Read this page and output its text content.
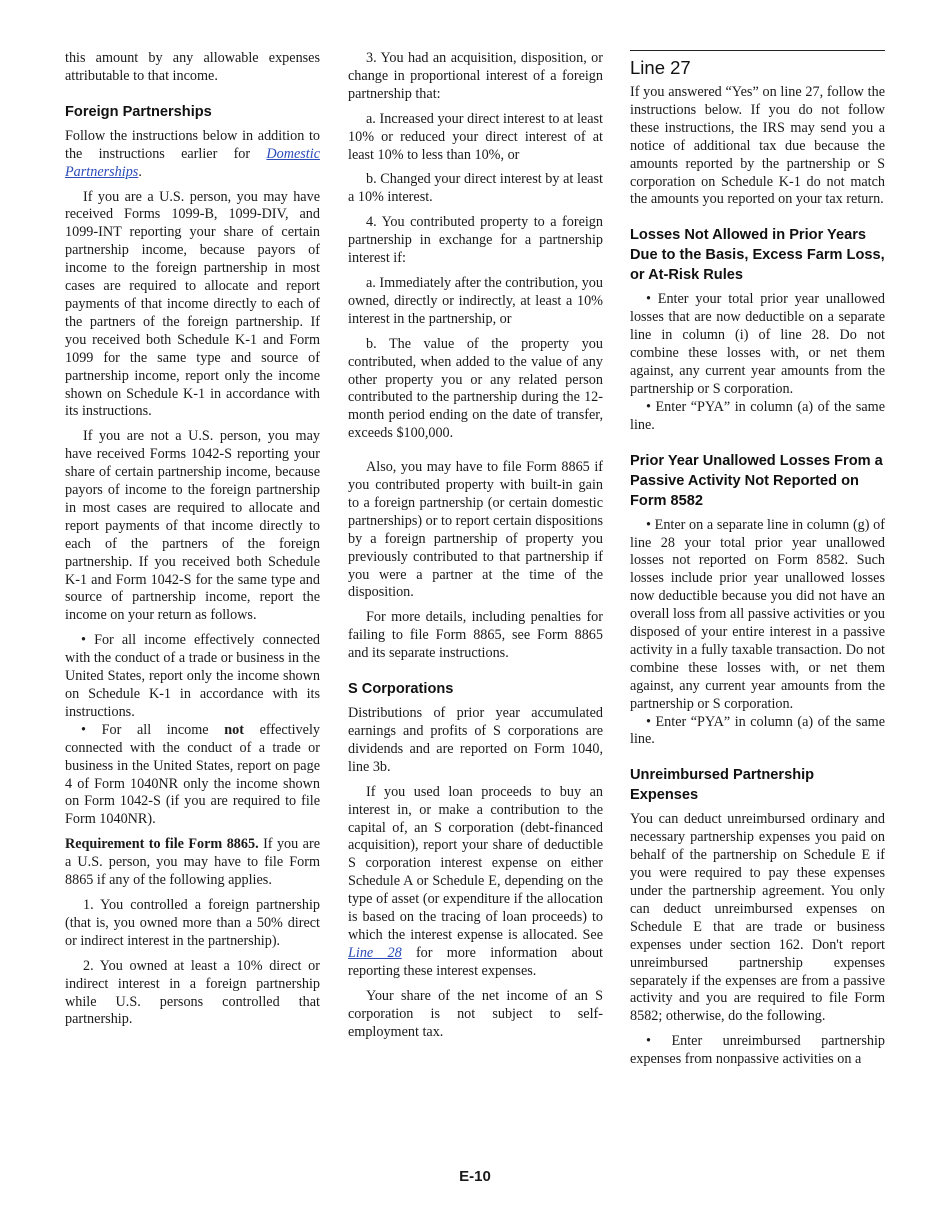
this amount by any allowable expenses attributable to that income.

Foreign Partnerships

Follow the instructions below in addition to the instructions earlier for Domestic Partnerships.

If you are a U.S. person, you may have received Forms 1099-B, 1099-DIV, and 1099-INT reporting your share of certain partnership income, because payors of income to the foreign partnership in most cases are required to allocate and report payments of that income directly to each of the partners of the foreign partnership. If you received both Schedule K-1 and Form 1099 for the same type and source of partnership income, report only the income shown on Schedule K-1 in accordance with its instructions.

If you are not a U.S. person, you may have received Forms 1042-S reporting your share of certain partnership income, because payors of income to the foreign partnership in most cases are required to allocate and report payments of that income directly to each of the partners of the foreign partnership. If you received both Schedule K-1 and Form 1042-S for the same type and source of partnership income, report the income on your return as follows.

• For all income effectively connected with the conduct of a trade or business in the United States, report only the income shown on Schedule K-1 in accordance with its instructions.

• For all income not effectively connected with the conduct of a trade or business in the United States, report on page 4 of Form 1040NR only the income shown on Form 1042-S (if you are required to file Form 1040NR).

Requirement to file Form 8865. If you are a U.S. person, you may have to file Form 8865 if any of the following applies.

1. You controlled a foreign partnership (that is, you owned more than a 50% direct or indirect interest in the partnership).

2. You owned at least a 10% direct or indirect interest in a foreign partnership while U.S. persons controlled that partnership.

3. You had an acquisition, disposition, or change in proportional interest of a foreign partnership that:

a. Increased your direct interest to at least 10% or reduced your direct interest of at least 10% to less than 10%, or

b. Changed your direct interest by at least a 10% interest.

4. You contributed property to a foreign partnership in exchange for a partnership interest if:

a. Immediately after the contribution, you owned, directly or indirectly, at least a 10% interest in the partnership, or

b. The value of the property you contributed, when added to the value of any other property you or any related person contributed to the partnership during the 12-month period ending on the date of transfer, exceeds $100,000.

Also, you may have to file Form 8865 if you contributed property with built-in gain to a foreign partnership (or certain domestic partnerships) or to report certain dispositions by a foreign partnership of property you previously contributed to that partnership if you were a partner at the time of the disposition.

For more details, including penalties for failing to file Form 8865, see Form 8865 and its separate instructions.

S Corporations

Distributions of prior year accumulated earnings and profits of S corporations are dividends and are reported on Form 1040, line 3b.

If you used loan proceeds to buy an interest in, or make a contribution to the capital of, an S corporation (debt-financed acquisition), report your share of deductible S corporation interest expense on either Schedule A or Schedule E, depending on the type of asset (or expenditure if the allocation is based on the tracing of loan proceeds) to which the interest expense is allocated. See Line 28 for more information about reporting these interest expenses.

Your share of the net income of an S corporation is not subject to self-employment tax.

Line 27

If you answered “Yes” on line 27, follow the instructions below. If you do not follow these instructions, the IRS may send you a notice of additional tax due because the amounts reported by the partnership or S corporation on Schedule K-1 do not match the amounts you reported on your tax return.

Losses Not Allowed in Prior Years Due to the Basis, Excess Farm Loss, or At-Risk Rules

• Enter your total prior year unallowed losses that are now deductible on a separate line in column (i) of line 28. Do not combine these losses with, or net them against, any current year amounts from the partnership or S corporation.

• Enter “PYA” in column (a) of the same line.

Prior Year Unallowed Losses From a Passive Activity Not Reported on Form 8582

• Enter on a separate line in column (g) of line 28 your total prior year unallowed losses not reported on Form 8582. Such losses include prior year unallowed losses now deductible because you did not have an overall loss from all passive activities or you disposed of your entire interest in a passive activity in a fully taxable transaction. Do not combine these losses with, or net them against, any current year amounts from the partnership or S corporation.

• Enter “PYA” in column (a) of the same line.

Unreimbursed Partnership Expenses

You can deduct unreimbursed ordinary and necessary partnership expenses you paid on behalf of the partnership on Schedule E if you were required to pay these expenses under the partnership agreement. You only can deduct unreimbursed expenses on Schedule E that are trade or business expenses under section 162. Don't report unreimbursed partnership expenses separately if the expenses are from a passive activity and you are required to file Form 8582; otherwise, do the following.

• Enter unreimbursed partnership expenses from nonpassive activities on a

E-10
